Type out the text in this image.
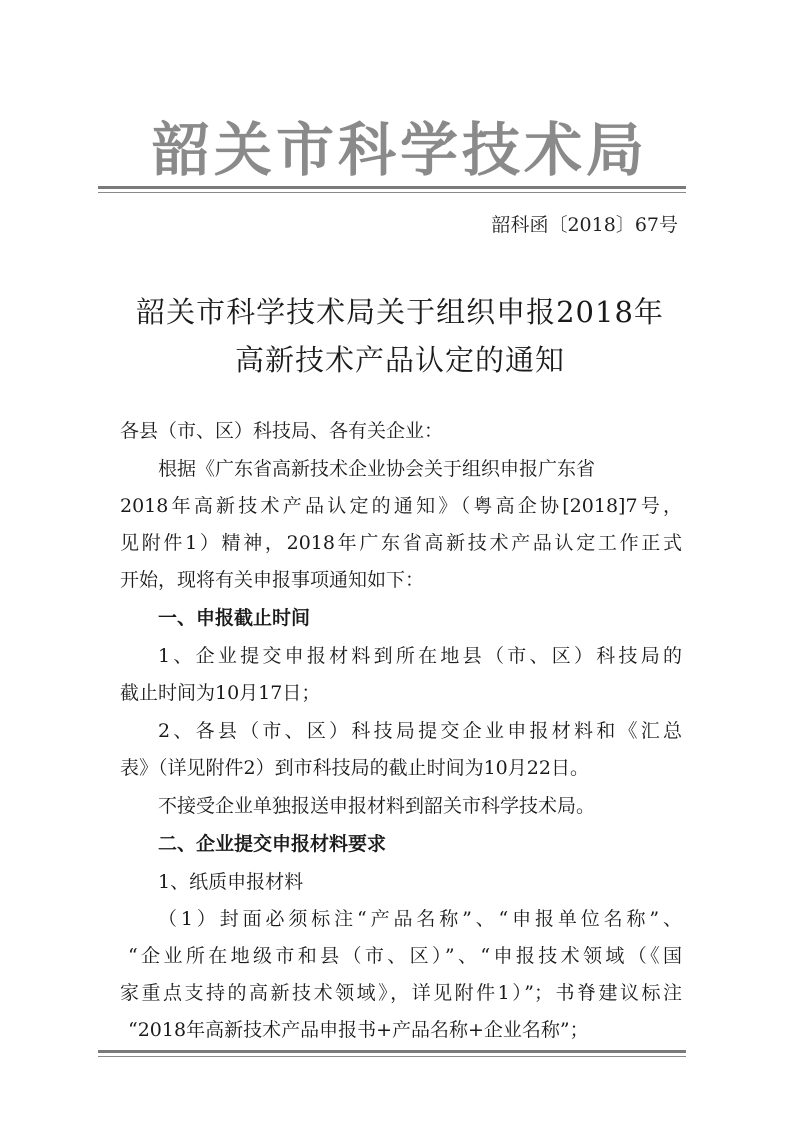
韶关市科学技术局
韶科函〔2018〕67号
韶关市科学技术局关于组织申报2018年
高新技术产品认定的通知
各县（市、区）科技局、各有关企业：
根据《广东省高新技术企业协会关于组织申报广东省
2018年高新技术产品认定的通知》（粤高企协[2018]7号，
见附件1）精神，2018年广东省高新技术产品认定工作正式
开始，现将有关申报事项通知如下：
一、申报截止时间
1、企业提交申报材料到所在地县（市、区）科技局的
截止时间为10月17日；
2、各县（市、区）科技局提交企业申报材料和《汇总
表》（详见附件2）到市科技局的截止时间为10月22日。
不接受企业单独报送申报材料到韶关市科学技术局。
二、企业提交申报材料要求
1、纸质申报材料
（1）封面必须标注“产品名称”、“申报单位名称”、
“企业所在地级市和县（市、区）”、“申报技术领域（《国
家重点支持的高新技术领域》，详见附件1）”；书脊建议标注
“2018年高新技术产品申报书+产品名称+企业名称”；
